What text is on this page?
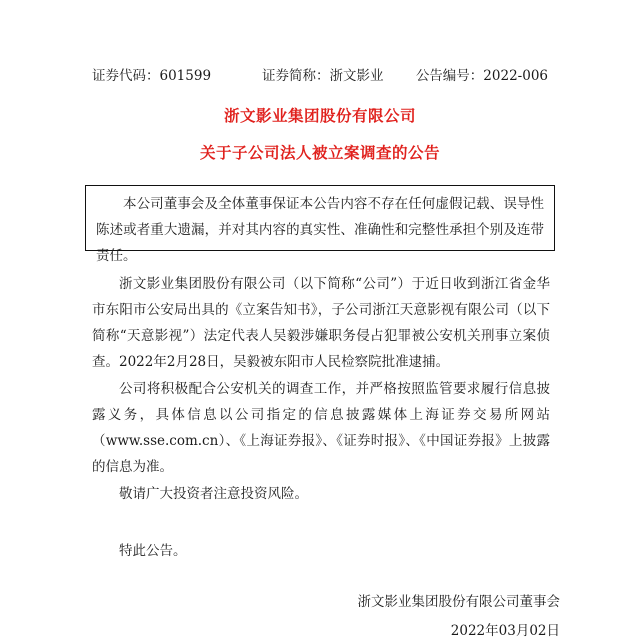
证券代码：601599	证券简称：浙文影业 公告编号：2022-006
浙文影业集团股份有限公司
关于子公司法人被立案调查的公告

本公司董事会及全体董事保证本公告内容不存在任何虚假记载、误导性陈述或者重大遗漏，并对其内容的真实性、准确性和完整性承担个别及连带责任。

浙文影业集团股份有限公司（以下简称“公司”）于近日收到浙江省金华市东阳市公安局出具的《立案告知书》，子公司浙江天意影视有限公司（以下简称“天意影视”）法定代表人吴毅涉嫌职务侵占犯罪被公安机关刑事立案侦查。2022年2月28日，吴毅被东阳市人民检察院批准逮捕。

公司将积极配合公安机关的调查工作，并严格按照监管要求履行信息披露义务，具体信息以公司指定的信息披露媒体上海证券交易所网站（www.sse.com.cn）、《上海证券报》、《证券时报》、《中国证券报》上披露的信息为准。

敬请广大投资者注意投资风险。

特此公告。

浙文影业集团股份有限公司董事会
2022年03月02日
